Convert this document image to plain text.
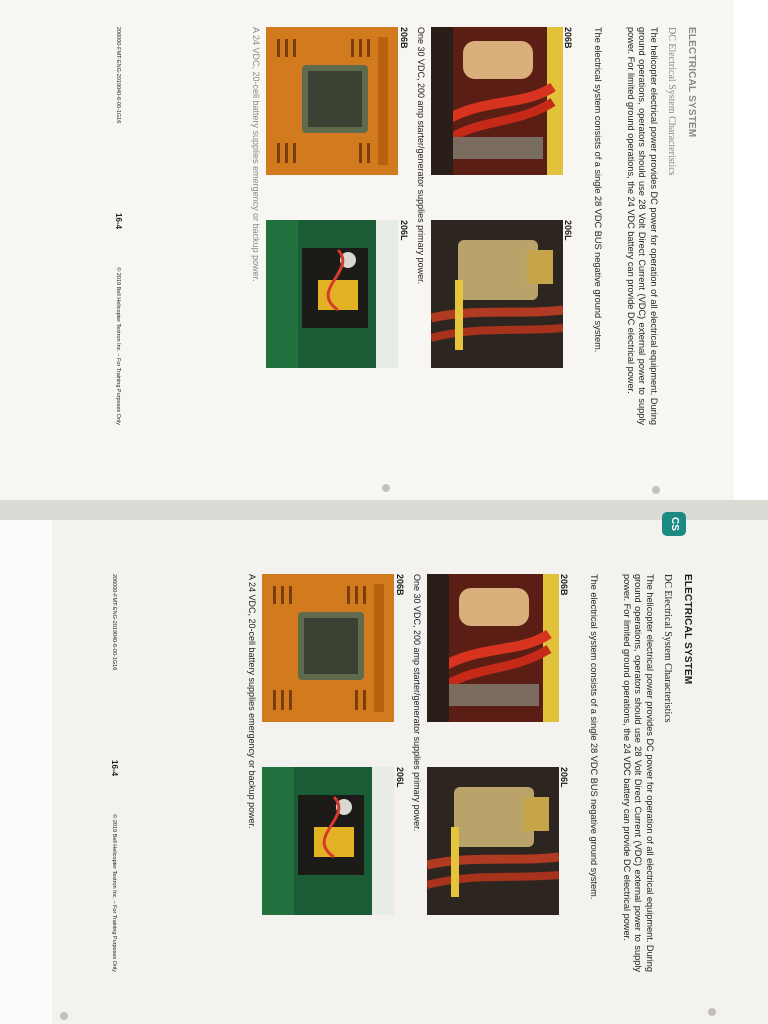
ELECTRICAL SYSTEM
DC Electrical System Characteristics

The helicopter electrical power provides DC power for operation of all electrical equipment. During ground operations, operators should use 28 Volt Direct Current (VDC) external power to supply power. For limited ground operations, the 24 VDC battery can provide DC electrical power.

The electrical system consists of a single 28 VDC BUS negative ground system.

206B
206L
One 30 VDC, 200 amp starter/generator supplies primary power.
206B
206L
A 24 VDC, 20-cell battery supplies emergency or backup power.
206000-FMT-ENG-2019040-6-00-1G16
16-4
© 2019 Bell Helicopter Textron Inc. – For Training Purposes Only
ELECTRICAL SYSTEM
DC Electrical System Characteristics

The helicopter electrical power provides DC power for operation of all electrical equipment. During ground operations, operators should use 28 Volt Direct Current (VDC) external power to supply power. For limited ground operations, the 24 VDC battery can provide DC electrical power.

The electrical system consists of a single 28 VDC BUS negative ground system.

206B
206L
One 30 VDC, 200 amp starter/generator supplies primary power.
206B
206L
A 24 VDC, 20-cell battery supplies emergency or backup power.
206000-FMT-ENG-2019040-6-00-1G16
16-4
© 2019 Bell Helicopter Textron Inc. – For Training Purposes Only
CS
